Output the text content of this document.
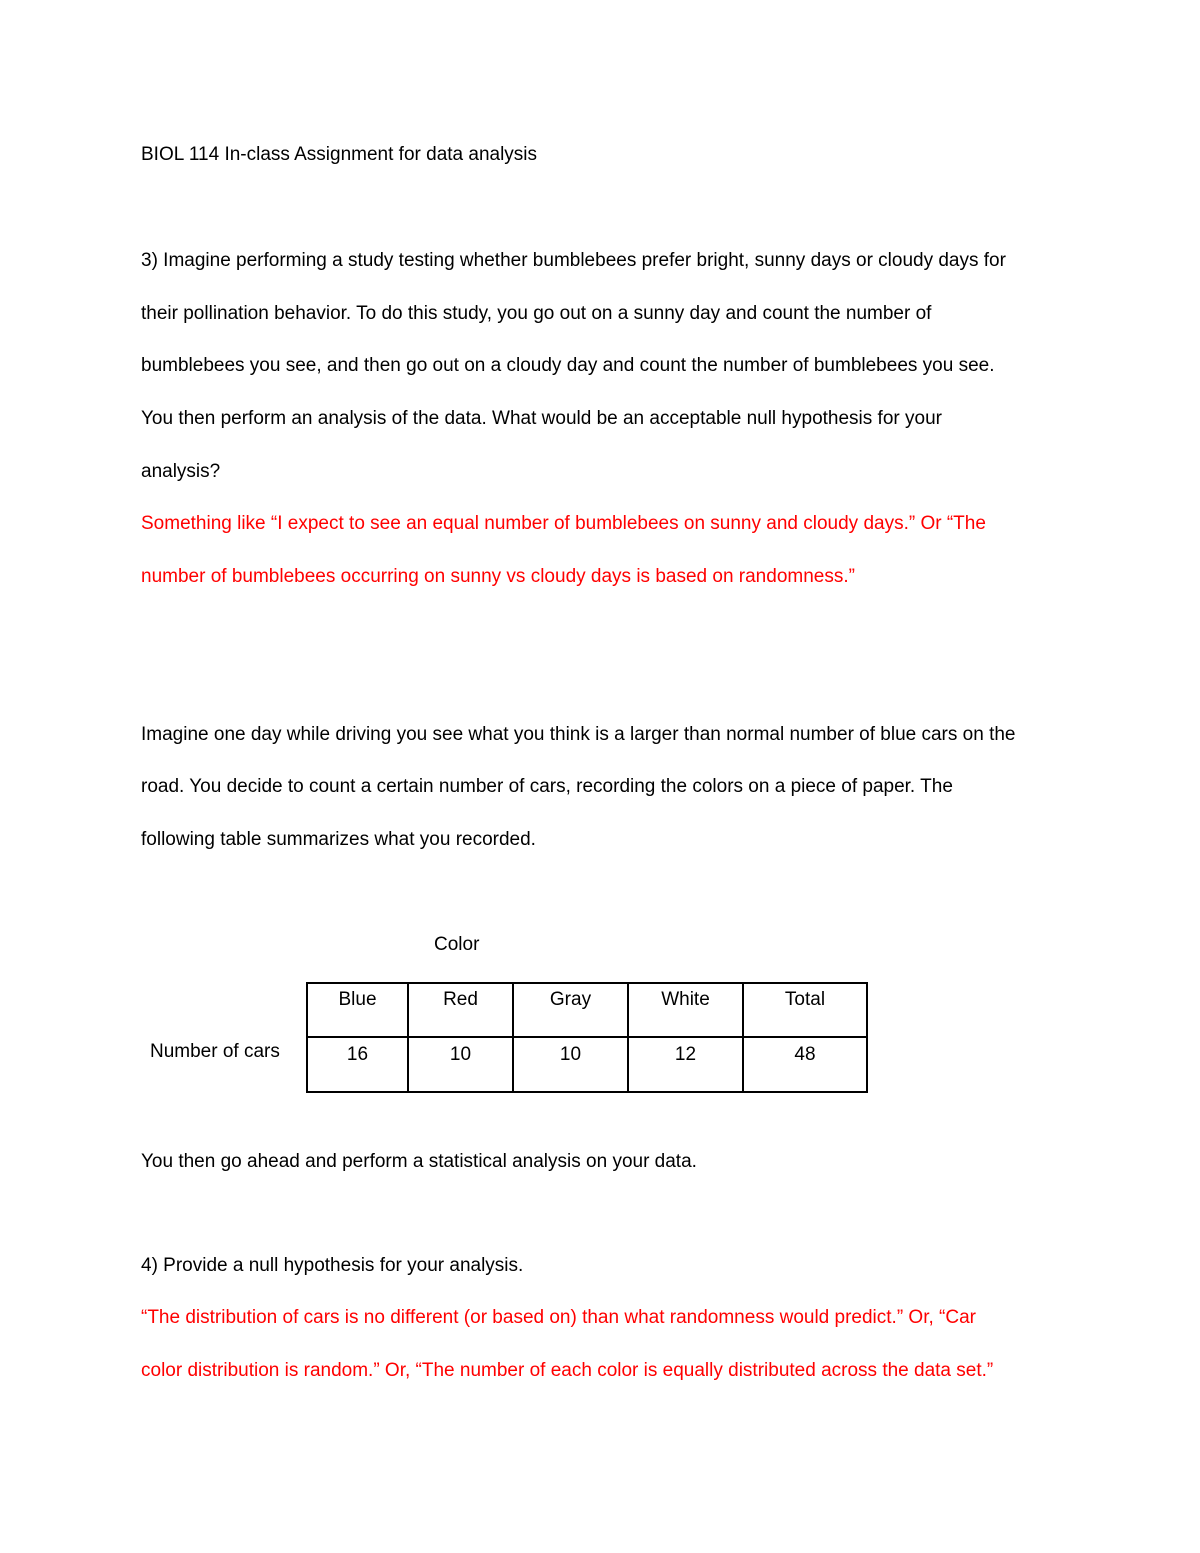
BIOL 114 In-class Assignment for data analysis
3) Imagine performing a study testing whether bumblebees prefer bright, sunny days or cloudy days for
their pollination behavior. To do this study, you go out on a sunny day and count the number of
bumblebees you see, and then go out on a cloudy day and count the number of bumblebees you see.
You then perform an analysis of the data. What would be an acceptable null hypothesis for your
analysis?
Something like “I expect to see an equal number of bumblebees on sunny and cloudy days.” Or “The
number of bumblebees occurring on sunny vs cloudy days is based on randomness.”
Imagine one day while driving you see what you think is a larger than normal number of blue cars on the
road. You decide to count a certain number of cars, recording the colors on a piece of paper. The
following table summarizes what you recorded.
Color
Number of cars
Blue	Red	Gray	White	Total
16	10	10	12	48
You then go ahead and perform a statistical analysis on your data.
4) Provide a null hypothesis for your analysis.
“The distribution of cars is no different (or based on) than what randomness would predict.” Or, “Car
color distribution is random.” Or, “The number of each color is equally distributed across the data set.”
